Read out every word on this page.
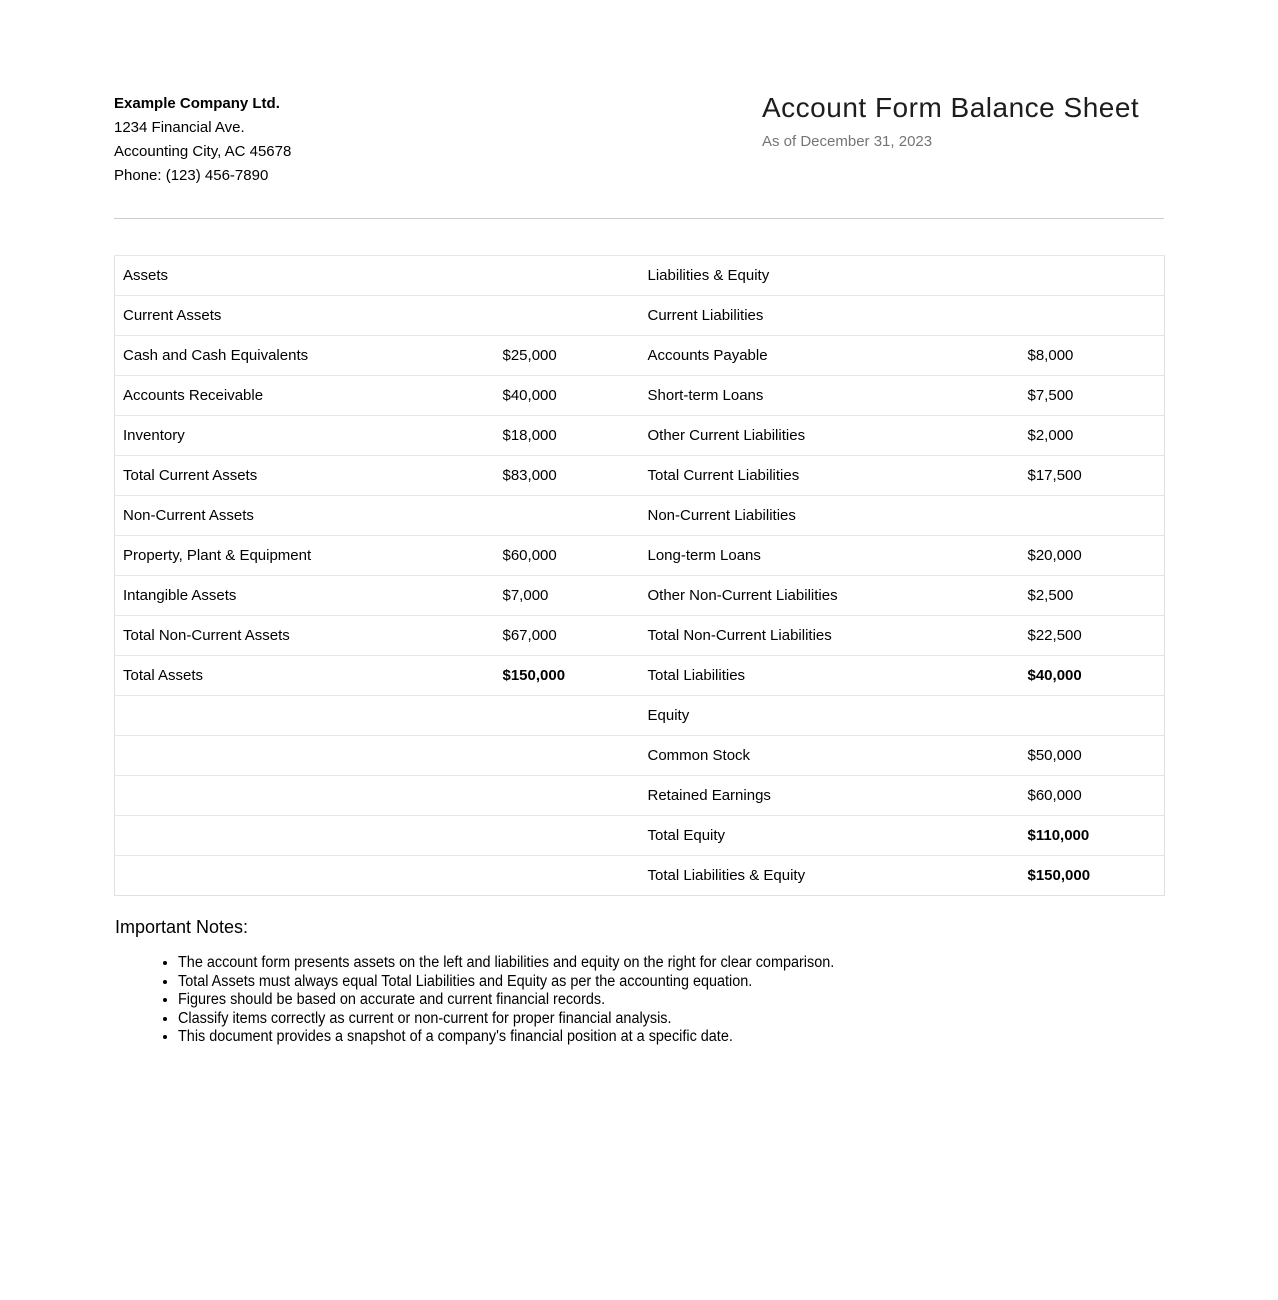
Example Company Ltd.
1234 Financial Ave.
Accounting City, AC 45678
Phone: (123) 456-7890
Account Form Balance Sheet
As of December 31, 2023
Assets		Liabilities & Equity	
Current Assets		Current Liabilities	
Cash and Cash Equivalents	$25,000	Accounts Payable	$8,000
Accounts Receivable	$40,000	Short-term Loans	$7,500
Inventory	$18,000	Other Current Liabilities	$2,000
Total Current Assets	$83,000	Total Current Liabilities	$17,500
Non-Current Assets		Non-Current Liabilities	
Property, Plant & Equipment	$60,000	Long-term Loans	$20,000
Intangible Assets	$7,000	Other Non-Current Liabilities	$2,500
Total Non-Current Assets	$67,000	Total Non-Current Liabilities	$22,500
Total Assets	$150,000	Total Liabilities	$40,000
		Equity	
		Common Stock	$50,000
		Retained Earnings	$60,000
		Total Equity	$110,000
		Total Liabilities & Equity	$150,000
Important Notes:
• The account form presents assets on the left and liabilities and equity on the right for clear comparison.
• Total Assets must always equal Total Liabilities and Equity as per the accounting equation.
• Figures should be based on accurate and current financial records.
• Classify items correctly as current or non-current for proper financial analysis.
• This document provides a snapshot of a company's financial position at a specific date.
